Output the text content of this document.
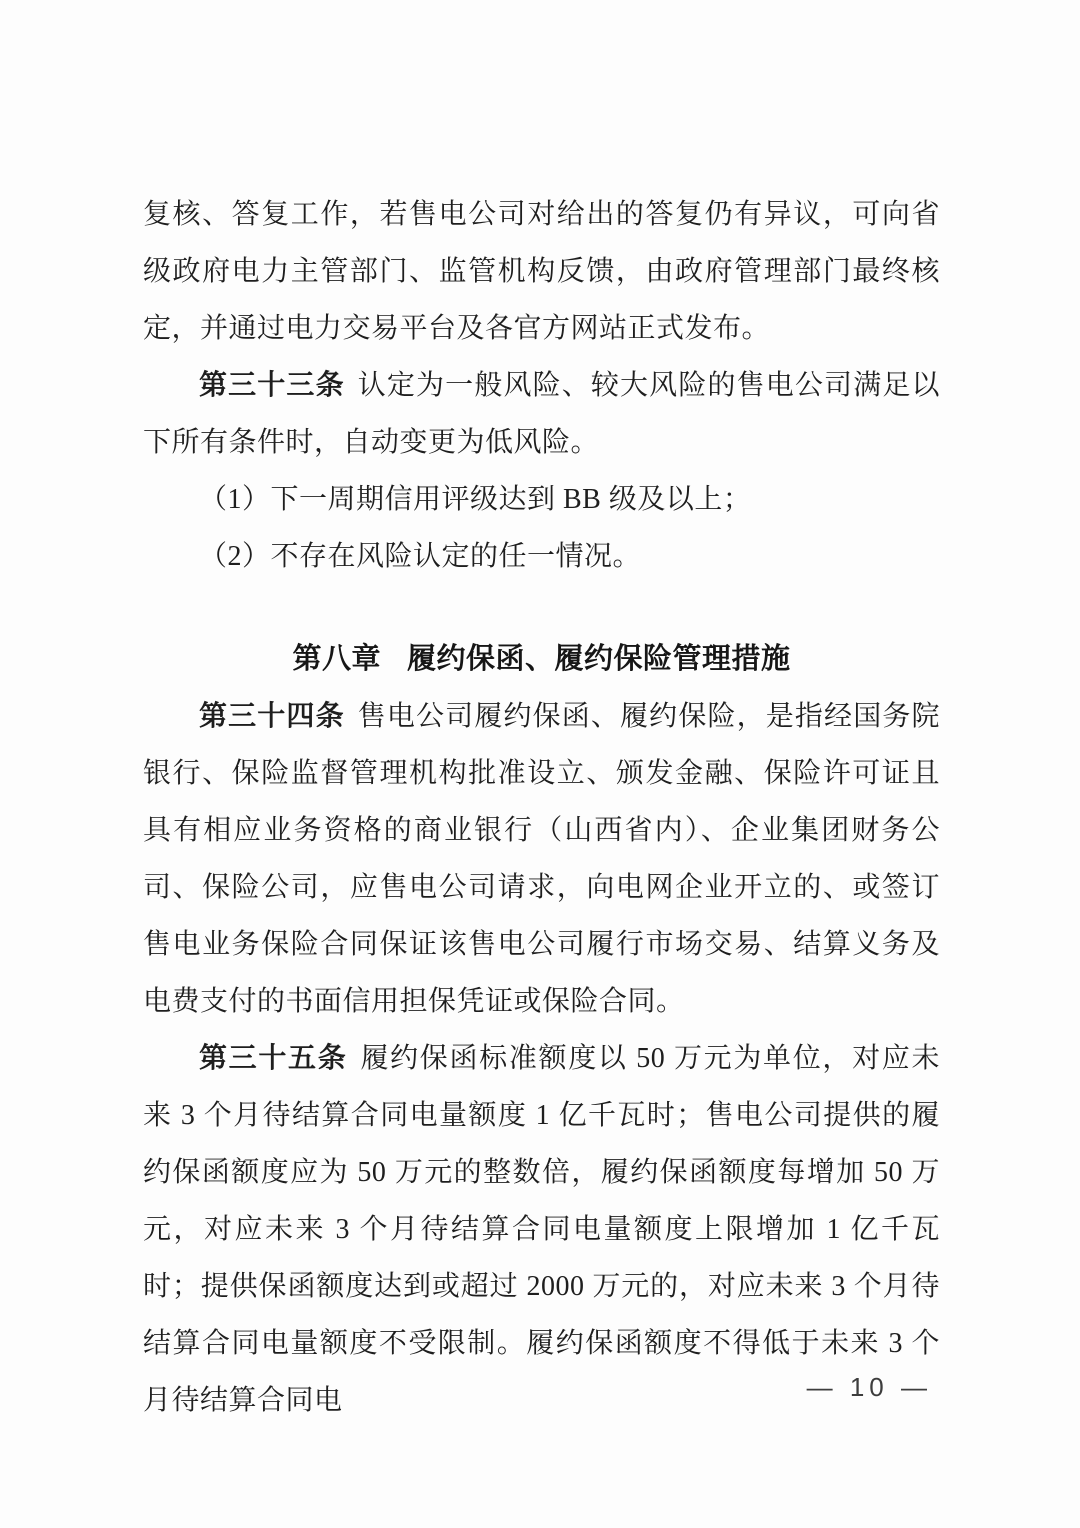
复核、答复工作，若售电公司对给出的答复仍有异议，可向省级政府电力主管部门、监管机构反馈，由政府管理部门最终核定，并通过电力交易平台及各官方网站正式发布。

第三十三条 认定为一般风险、较大风险的售电公司满足以下所有条件时，自动变更为低风险。

（1）下一周期信用评级达到 BB 级及以上；

（2）不存在风险认定的任一情况。

第八章 履约保函、履约保险管理措施

第三十四条 售电公司履约保函、履约保险，是指经国务院银行、保险监督管理机构批准设立、颁发金融、保险许可证且具有相应业务资格的商业银行（山西省内）、企业集团财务公司、保险公司，应售电公司请求，向电网企业开立的、或签订售电业务保险合同保证该售电公司履行市场交易、结算义务及电费支付的书面信用担保凭证或保险合同。

第三十五条 履约保函标准额度以 50 万元为单位，对应未来 3 个月待结算合同电量额度 1 亿千瓦时；售电公司提供的履约保函额度应为 50 万元的整数倍，履约保函额度每增加 50 万元，对应未来 3 个月待结算合同电量额度上限增加 1 亿千瓦时；提供保函额度达到或超过 2000 万元的，对应未来 3 个月待结算合同电量额度不受限制。履约保函额度不得低于未来 3 个月待结算合同电	— 10 —
